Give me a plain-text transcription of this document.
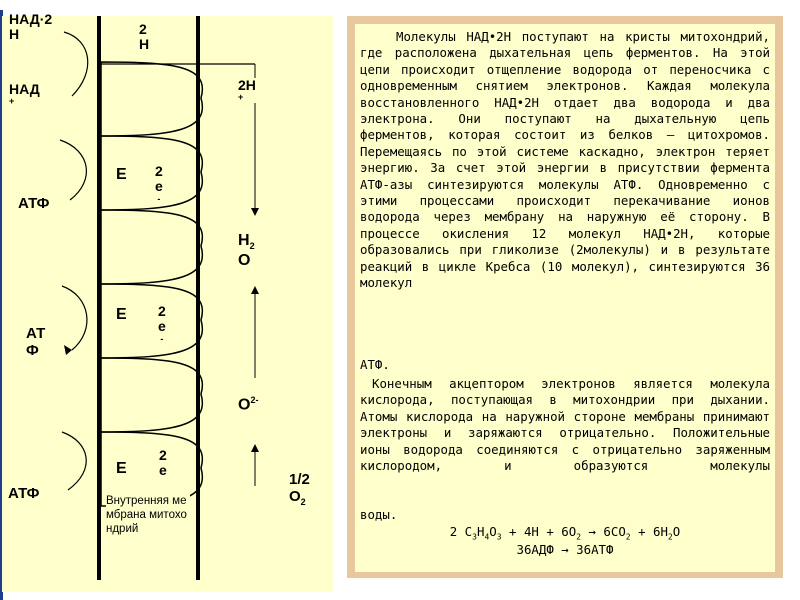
НАД·2
Н
НАД
+
АТФ
АТ
Ф
АТФ
2
Н
2Н
+
Е
Е
Е
2
е
-
2
е
-
2
е
$Н_2$
О
$О^{2-}$
1/2
$О_2$
Внутренняя мембрана митохондрий

Молекулы НАД•2Н поступают на кристы митохондрий, где расположена дыхательная цепь ферментов. На этой цепи происходит отщепление водорода от переносчика с одновременным снятием электронов. Каждая молекула восстановленного НАД•2Н отдает два водорода и два электрона. Они поступают на дыхательную цепь ферментов, которая состоит из белков – цитохромов. Перемещаясь по этой системе каскадно, электрон теряет энергию. За счет этой энергии в присутствии фермента АТФ-азы синтезируются молекулы АТФ. Одновременно с этими процессами происходит перекачивание ионов водорода через мембрану на наружную её сторону. В процессе окисления 12 молекул НАД•2Н, которые образовались при гликолизе (2молекулы) и в результате реакций в цикле Кребса (10 молекул), синтезируются 36 молекул

АТФ.

Конечным акцептором электронов является молекула кислорода, поступающая в митохондрии при дыхании. Атомы кислорода на наружной стороне мембраны принимают электроны и заряжаются отрицательно. Положительные ионы водорода соединяются с отрицательно заряженным кислородом, и образуются молекулы

воды.

2 $С_3Н_4О_3 + 4Н + 6О_2 \to 6СО_2 + 6Н_2О$

36АДФ → 36АТФ
